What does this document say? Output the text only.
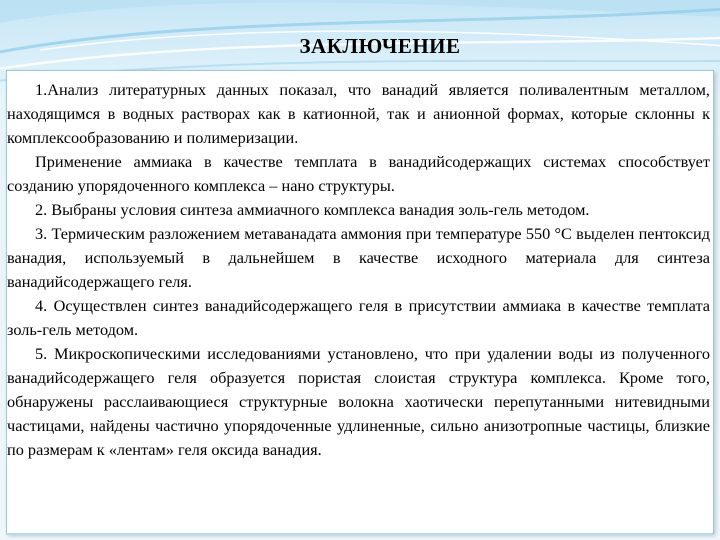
ЗАКЛЮЧЕНИЕ

1.Анализ литературных данных показал, что ванадий является поливалентным металлом, находящимся в водных растворах как в катионной, так и анионной формах, которые склонны к комплексообразованию и полимеризации.

Применение аммиака в качестве темплата в ванадийсодержащих системах способствует созданию упорядоченного комплекса – нано структуры.

2. Выбраны условия синтеза аммиачного комплекса ванадия золь-гель методом.

3. Термическим разложением метаванадата аммония при температуре 550 °С выделен пентоксид ванадия, используемый в дальнейшем в качестве исходного материала для синтеза ванадийсодержащего геля.

4. Осуществлен синтез ванадийсодержащего геля в присутствии аммиака в качестве темплата золь-гель методом.

5. Микроскопическими исследованиями установлено, что при удалении воды из полученного ванадийсодержащего геля образуется пористая слоистая структура комплекса. Кроме того, обнаружены расслаивающиеся структурные волокна хаотически перепутанными нитевидными частицами, найдены частично упорядоченные удлиненные, сильно анизотропные частицы, близкие по размерам к «лентам» геля оксида ванадия.
